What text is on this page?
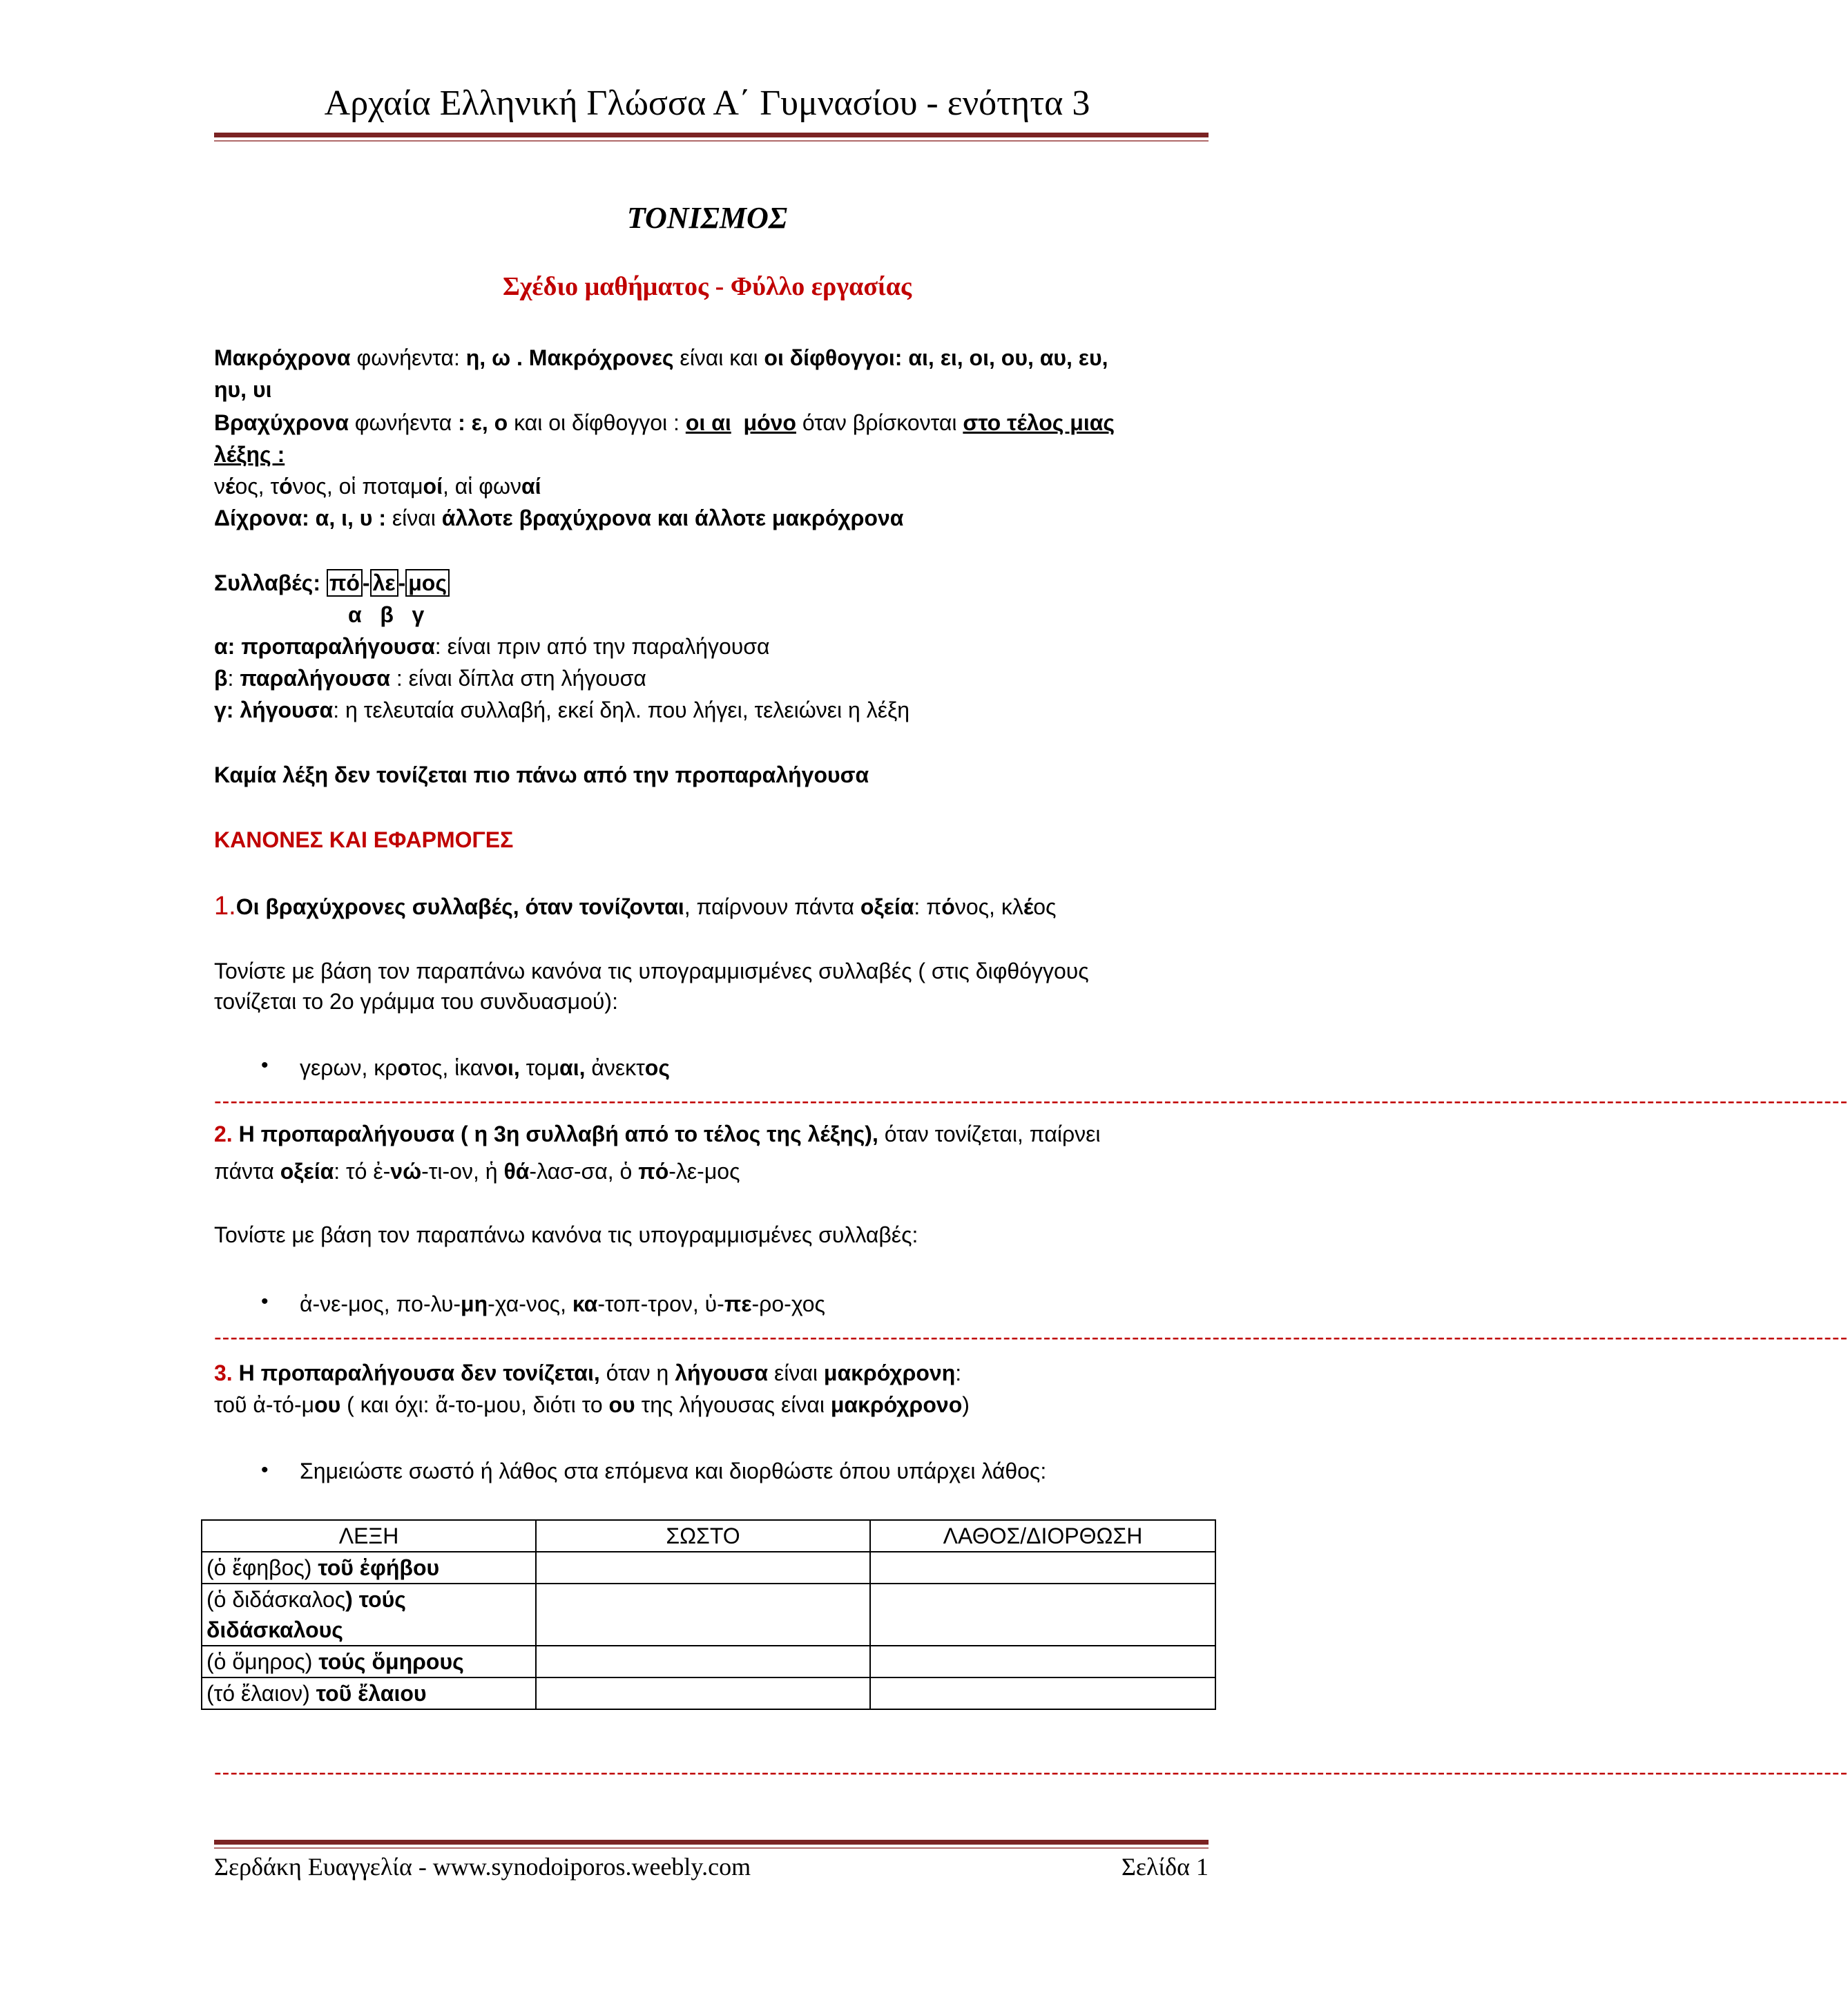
Αρχαία Ελληνική Γλώσσα Α΄ Γυμνασίου - ενότητα 3
ΤΟΝΙΣΜΟΣ
Σχέδιο μαθήματος - Φύλλο εργασίας
Μακρόχρονα φωνήεντα: η, ω . Μακρόχρονες είναι και οι δίφθογγοι: αι, ει, οι, ου, αυ, ευ,
ηυ, υι
Βραχύχρονα φωνήεντα : ε, ο και οι δίφθογγοι : οι αι μόνο όταν βρίσκονται στο τέλος μιας
λέξης :
νέος, τόνος, οἱ ποταμοί, αἱ φωναί
Δίχρονα: α, ι, υ : είναι άλλοτε βραχύχρονα και άλλοτε μακρόχρονα
Συλλαβές: πό - λε - μος
α   β   γ
α: προπαραλήγουσα: είναι πριν από την παραλήγουσα
β: παραλήγουσα : είναι δίπλα στη λήγουσα
γ: λήγουσα: η τελευταία συλλαβή, εκεί δηλ. που λήγει, τελειώνει η λέξη
Καμία λέξη δεν τονίζεται πιο πάνω από την προπαραλήγουσα
ΚΑΝΟΝΕΣ ΚΑΙ ΕΦΑΡΜΟΓΕΣ
1.Οι βραχύχρονες συλλαβές, όταν τονίζονται, παίρνουν πάντα οξεία: πόνος, κλέος
Τονίστε με βάση τον παραπάνω κανόνα τις υπογραμμισμένες συλλαβές ( στις διφθόγγους
τονίζεται το 2ο γράμμα του συνδυασμού):
• γερων, κροτος, ἱκανοι, τομαι, ἀνεκτος
-----------------------------------------------------------------------------------------------------------------------------------------------------------------------------------------------------------
2. Η προπαραλήγουσα ( η 3η συλλαβή από το τέλος της λέξης), όταν τονίζεται, παίρνει
πάντα οξεία: τό ἐ-νώ-τι-ον, ἡ θά-λασ-σα, ὁ πό-λε-μος
Τονίστε με βάση τον παραπάνω κανόνα τις υπογραμμισμένες συλλαβές:
• ἀ-νε-μος, πο-λυ-μη-χα-νος, κα-τοπ-τρον, ὑ-πε-ρο-χος
-----------------------------------------------------------------------------------------------------------------------------------------------------------------------------------------------------------
3. Η προπαραλήγουσα δεν τονίζεται, όταν η λήγουσα είναι μακρόχρονη:
τοῦ ἀ-τό-μου ( και όχι: ἄ-το-μου, διότι το ου της λήγουσας είναι μακρόχρονο)
• Σημειώστε σωστό ή λάθος στα επόμενα και διορθώστε όπου υπάρχει λάθος:
ΛΕΞΗ	ΣΩΣΤΟ	ΛΑΘΟΣ/ΔΙΟΡΘΩΣΗ
(ὁ ἔφηβος) τοῦ ἐφήβου		
(ὁ διδάσκαλος) τούς
διδάσκαλους		
(ὁ ὅμηρος) τούς ὅμηρους		
(τό ἔλαιον) τοῦ ἔλαιου		
-----------------------------------------------------------------------------------------------------------------------------------------------------------------------------------------------------------
Σερδάκη Ευαγγελία - www.synodoiporos.weebly.com	Σελίδα 1
